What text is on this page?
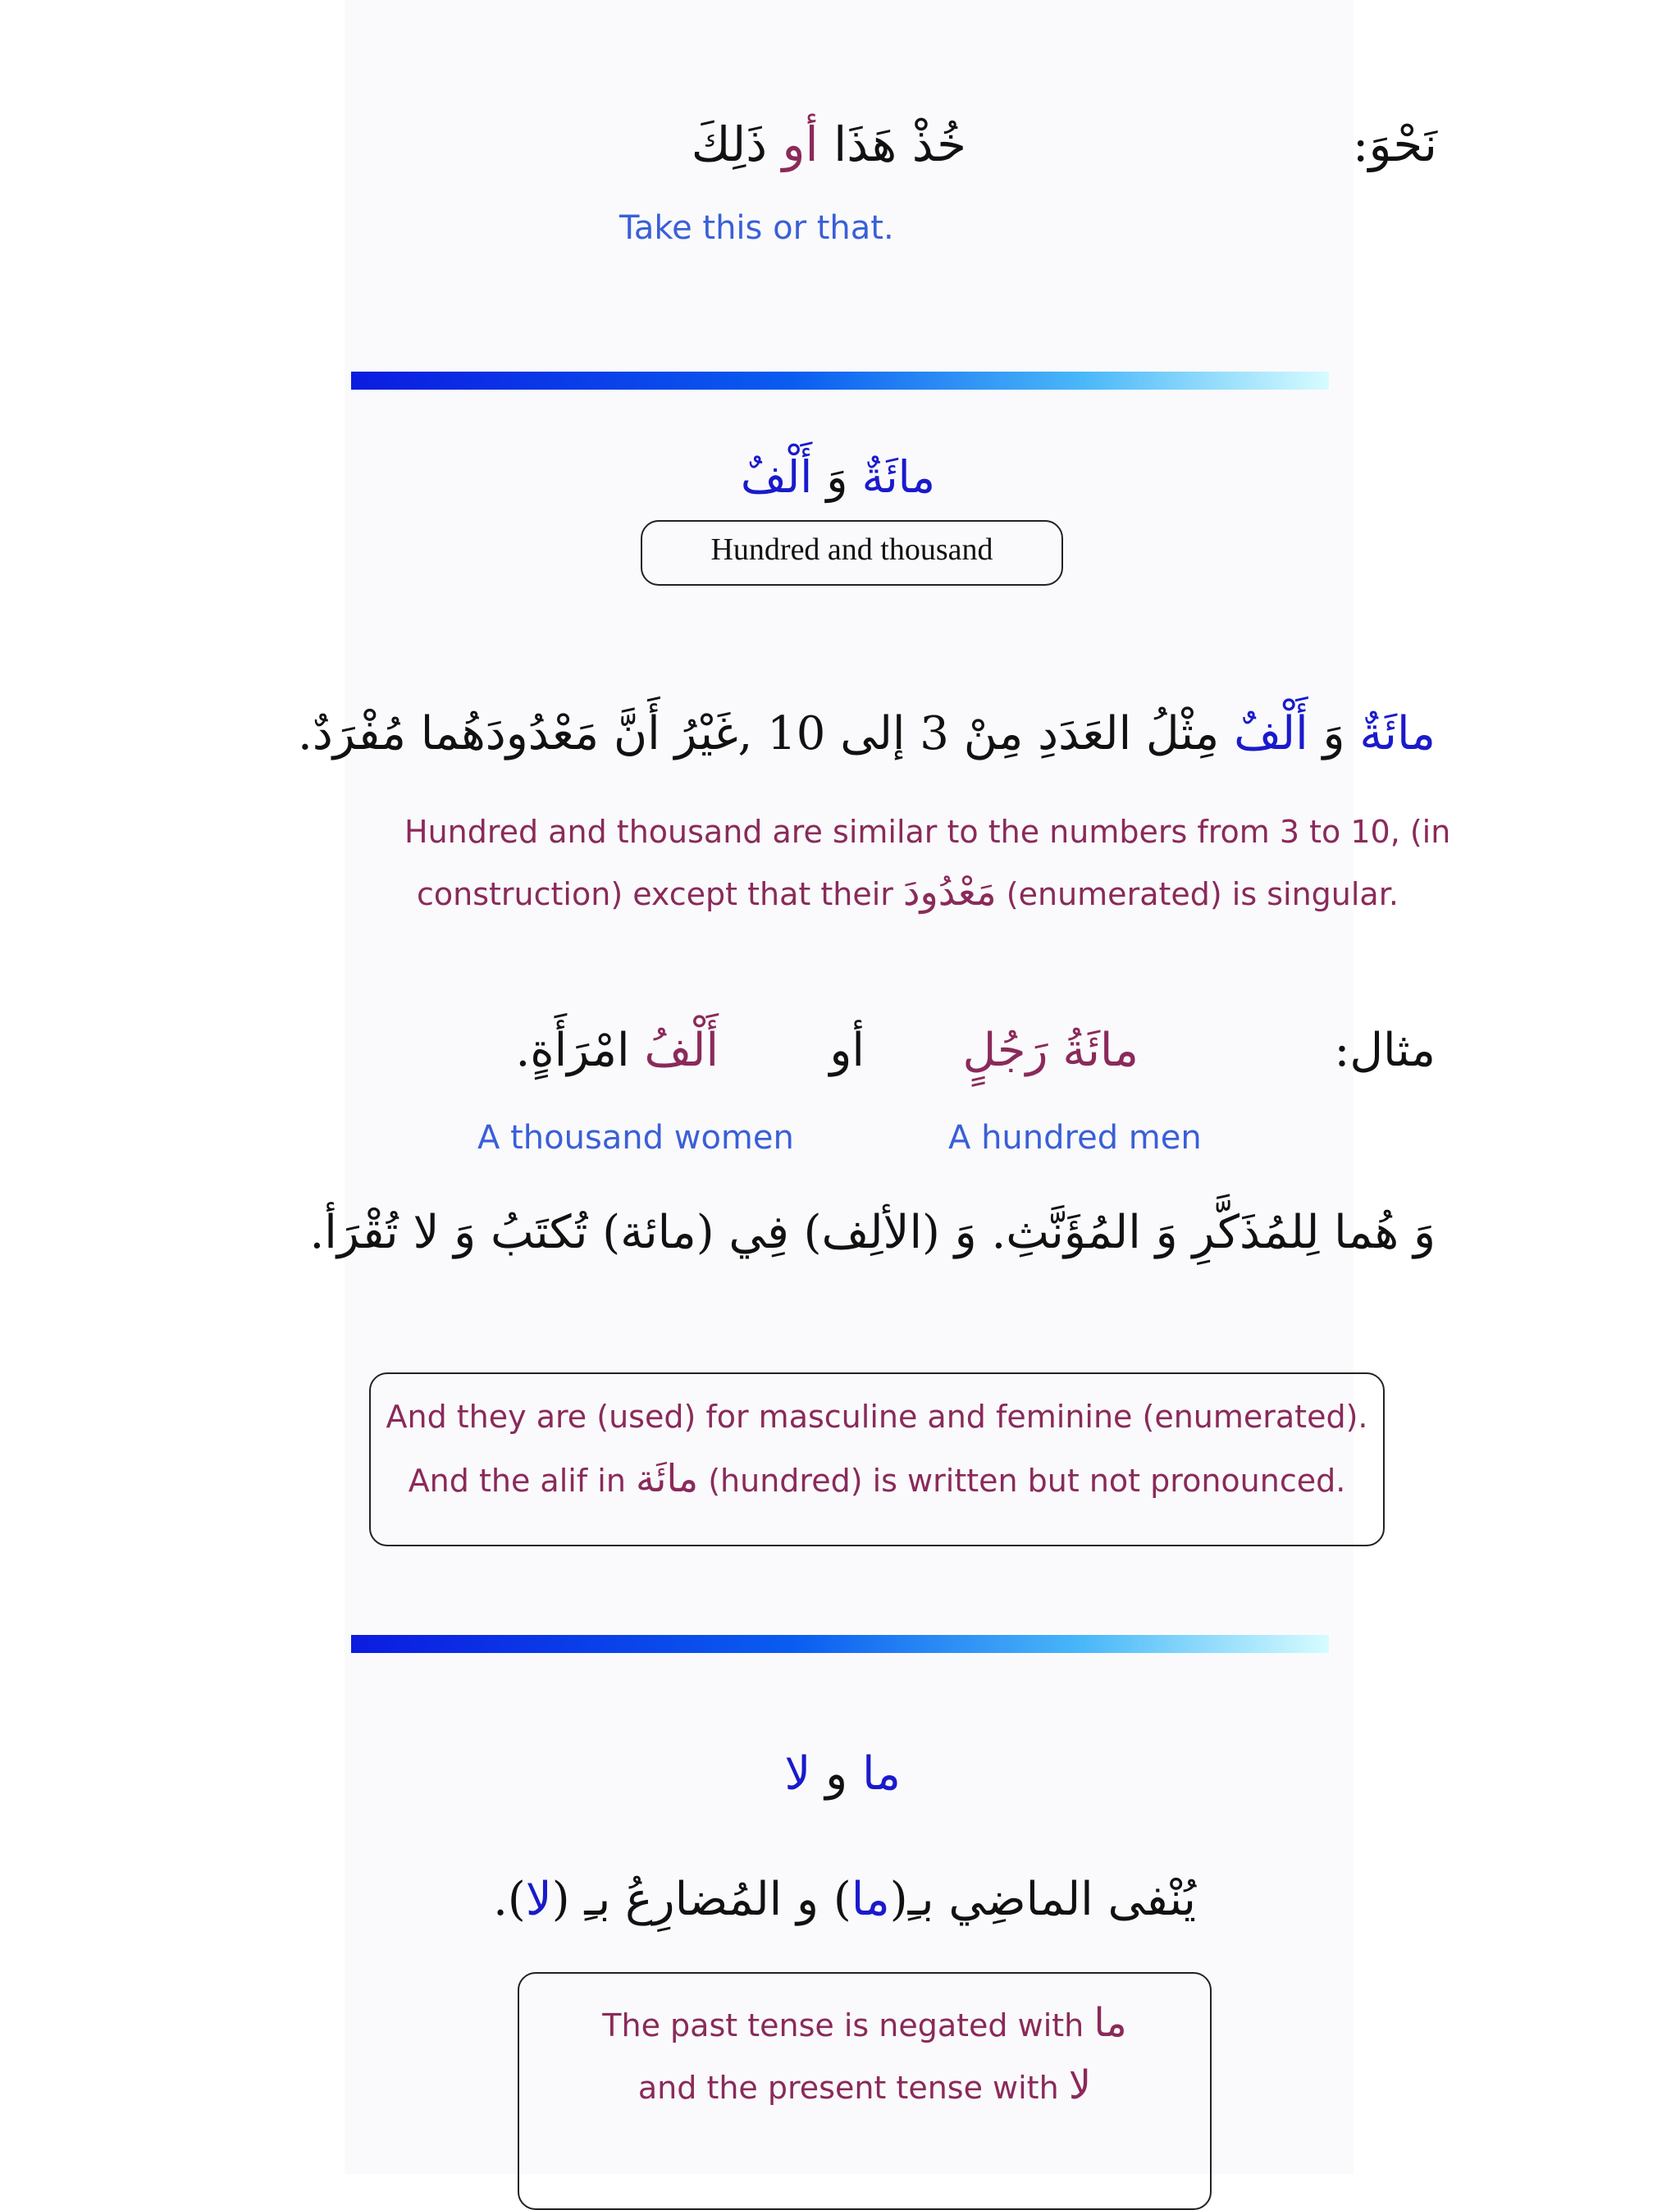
نَحْوَ:
خُذْ هَذَا أو ذَلِكَ
Take this or that.
مائَةٌ وَ أَلْفٌ
Hundred and thousand
مائَةٌ وَ أَلْفٌ مِثْلُ العَدَدِ مِنْ 3 إلى 10 ,غَيْرُ أَنَّ مَعْدُودَهُما مُفْرَدٌ.
Hundred and thousand are similar to the numbers from 3 to 10, (in
construction) except that their مَعْدُودَ (enumerated) is singular.
مثال:
مائَةُ رَجُلٍ
أو
أَلْفُ امْرَأَةٍ.
A hundred men
A thousand women
وَ هُما لِلمُذَكَّرِ وَ المُؤَنَّثِ. وَ (الألِف) فِي (مائة) تُكتَبُ وَ لا تُقْرَأ.
And they are (used) for masculine and feminine (enumerated).
And the alif in مائَة (hundred) is written but not pronounced.
ما و لا
يُنْفى الماضِي بـِ(ما) و المُضارِعُ بـِ (لا).
The past tense is negated with ما
and the present tense with لا
